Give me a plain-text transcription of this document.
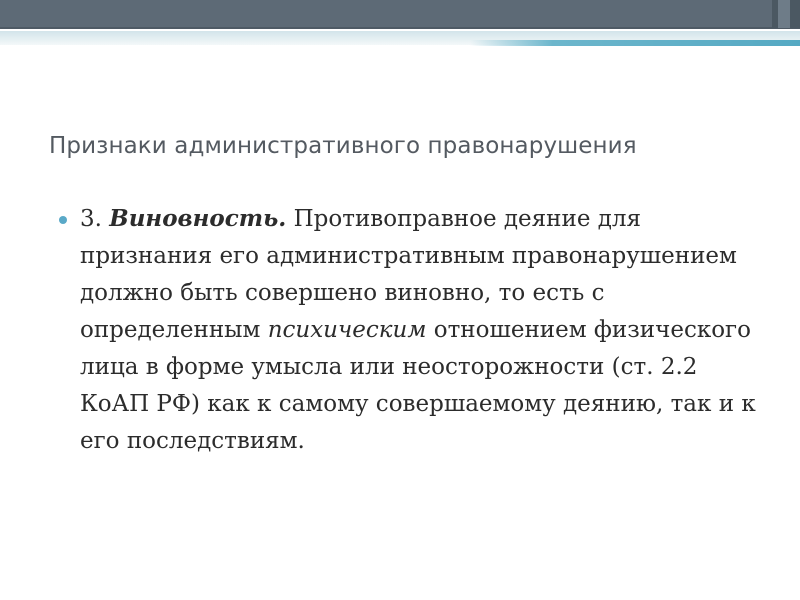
Признаки административного правонарушения

3. Виновность. Противоправное деяние для признания его административным правонарушением должно быть совершено виновно, то есть с определенным психическим отношением физического лица в форме умысла или неосторожности (ст. 2.2 КоАП РФ) как к самому совершаемому деянию, так и к его последствиям.
